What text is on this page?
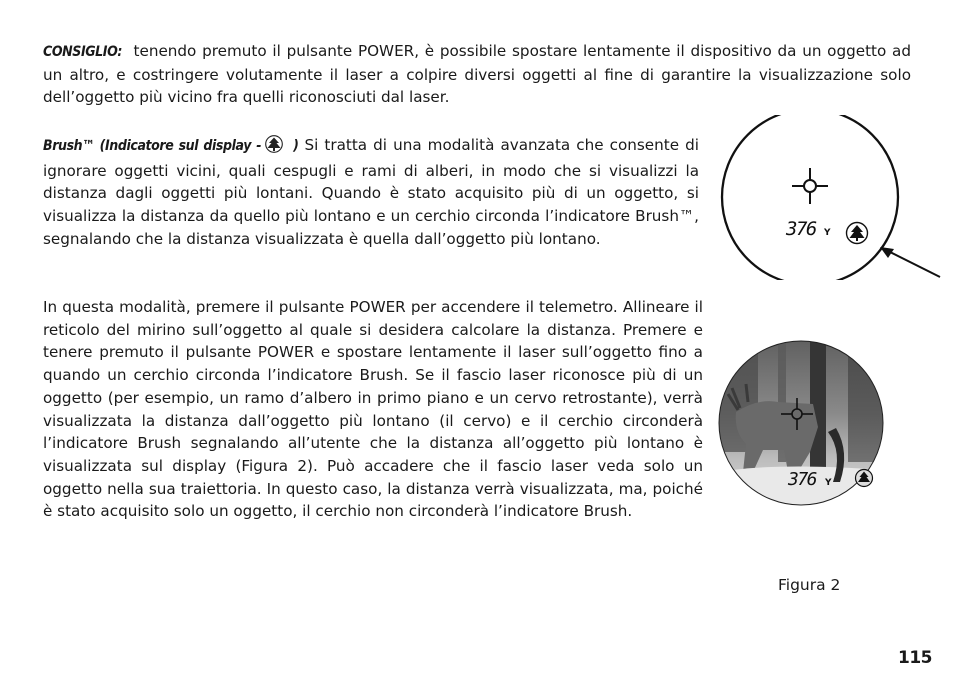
CONSIGLIO: tenendo premuto il pulsante POWER, è possibile spostare lentamente il dispositivo da un oggetto ad un altro, e costringere volutamente il laser a colpire diversi oggetti al fine di garantire la visualizzazione solo dell’oggetto più vicino fra quelli riconosciuti dal laser.

Brush™ (Indicatore sul display - ) Si tratta di una modalità avanzata che consente di ignorare oggetti vicini, quali cespugli e rami di alberi, in modo che si visualizzi la distanza dagli oggetti più lontani. Quando è stato acquisito più di un oggetto, si visualizza la distanza da quello più lontano e un cerchio circonda l’indicatore Brush™, segnalando che la distanza visualizzata è quella dall’oggetto più lontano.

In questa modalità, premere il pulsante POWER per accendere il telemetro. Allineare il reticolo del mirino sull’oggetto al quale si desidera calcolare la distanza. Premere e tenere premuto il pulsante POWER e spostare lentamente il laser sull’oggetto fino a quando un cerchio circonda l’indicatore Brush. Se il fascio laser riconosce più di un oggetto (per esempio, un ramo d’albero in primo piano e un cervo retrostante), verrà visualizzata la distanza dall’oggetto più lontano (il cervo) e il cerchio circonderà l’indicatore Brush segnalando all’utente che la distanza all’oggetto più lontano è visualizzata sul display (Figura 2). Può accadere che il fascio laser veda solo un oggetto nella sua traiettoria. In questo caso, la distanza verrà visualizzata, ma, poiché è stato acquisito solo un oggetto, il cerchio non circonderà l’indicatore Brush.

376 Y
376 Y

Figura 2

115
